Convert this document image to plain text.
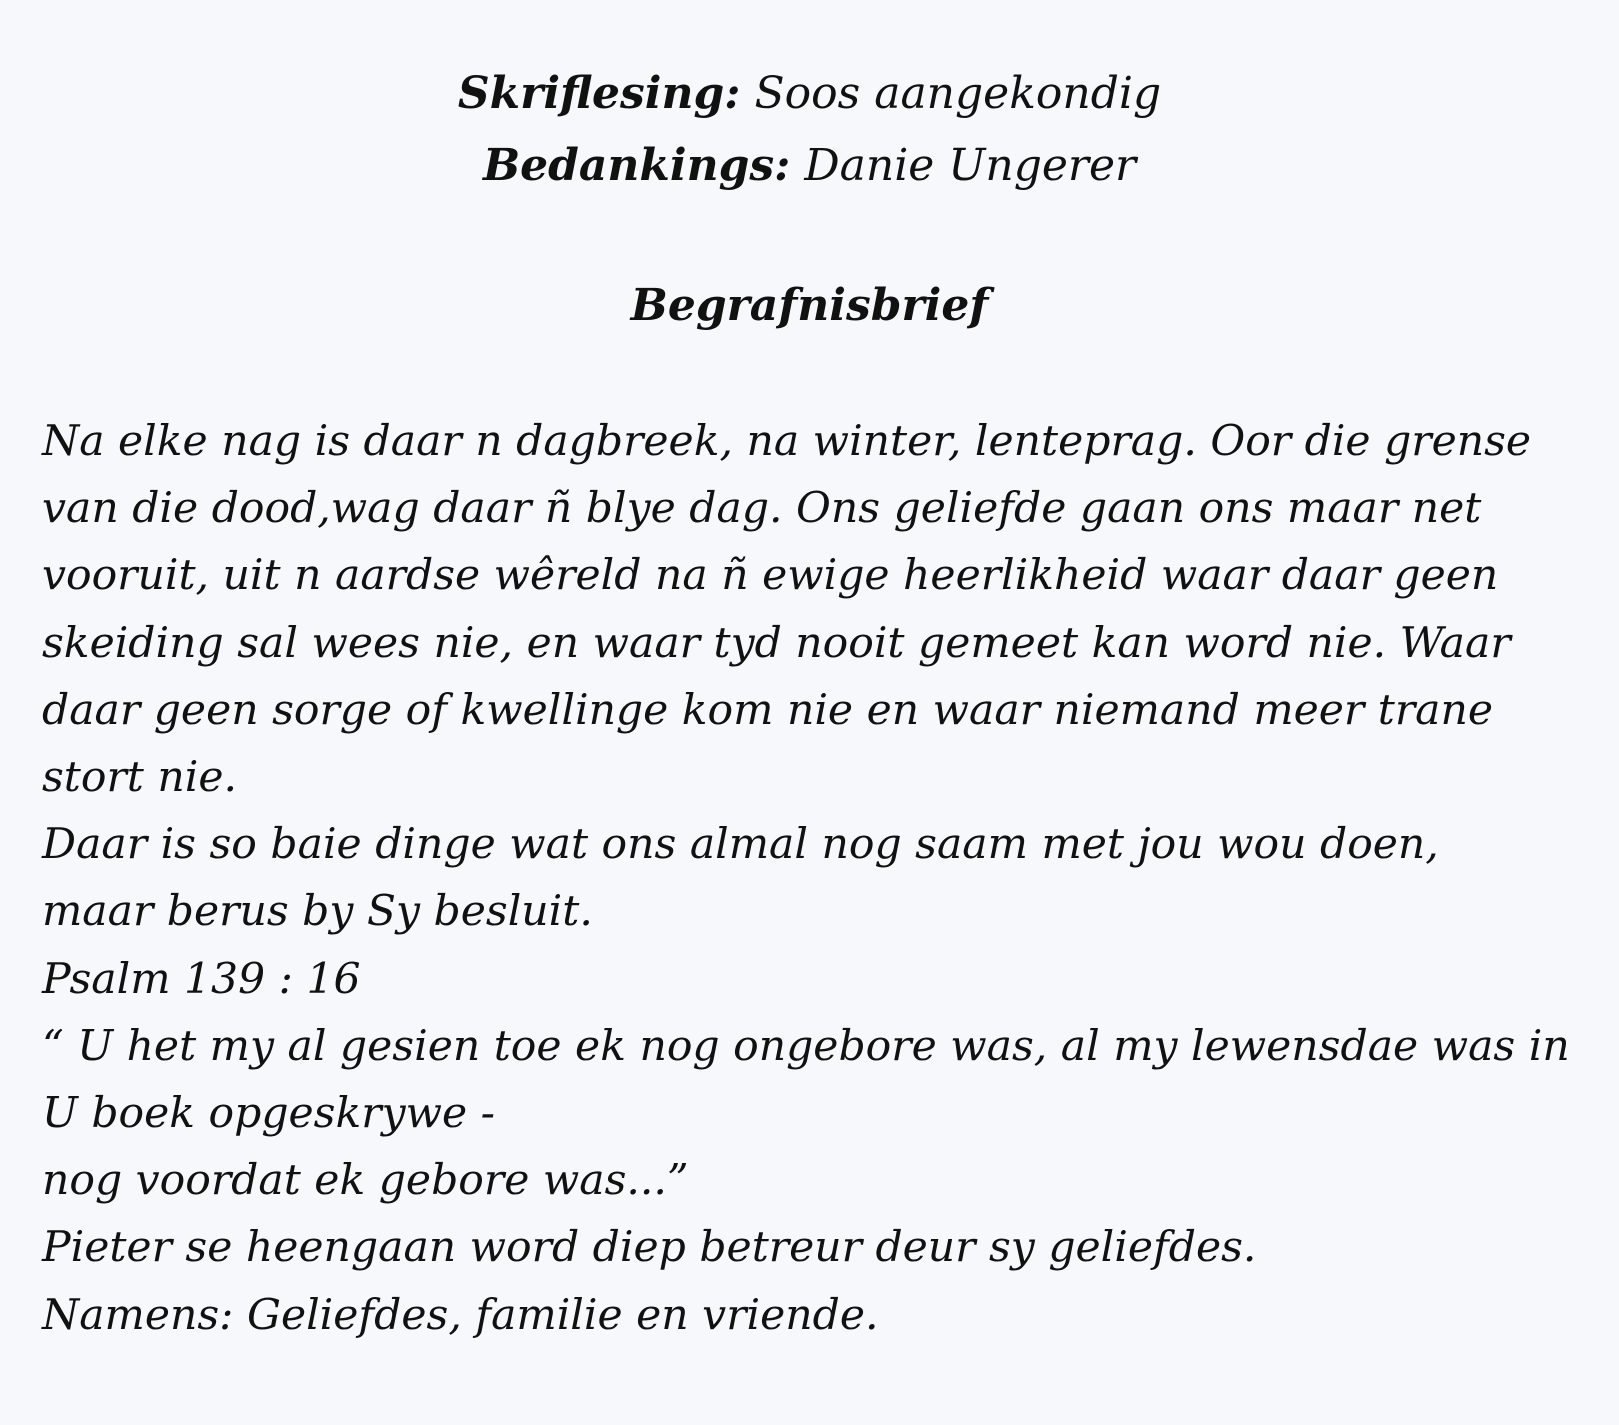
Skriflesing: Soos aangekondig
Bedankings: Danie Ungerer
Begrafnisbrief
Na elke nag is daar n dagbreek, na winter, lenteprag. Oor die grense
van die dood,wag daar ñ blye dag. Ons geliefde gaan ons maar net
vooruit, uit n aardse wêreld na ñ ewige heerlikheid waar daar geen
skeiding sal wees nie, en waar tyd nooit gemeet kan word nie. Waar
daar geen sorge of kwellinge kom nie en waar niemand meer trane
stort nie.
Daar is so baie dinge wat ons almal nog saam met jou wou doen,
maar berus by Sy besluit.
Psalm 139 : 16
“ U het my al gesien toe ek nog ongebore was, al my lewensdae was in
U boek opgeskrywe -
nog voordat ek gebore was...”
Pieter se heengaan word diep betreur deur sy geliefdes.
Namens: Geliefdes, familie en vriende.
